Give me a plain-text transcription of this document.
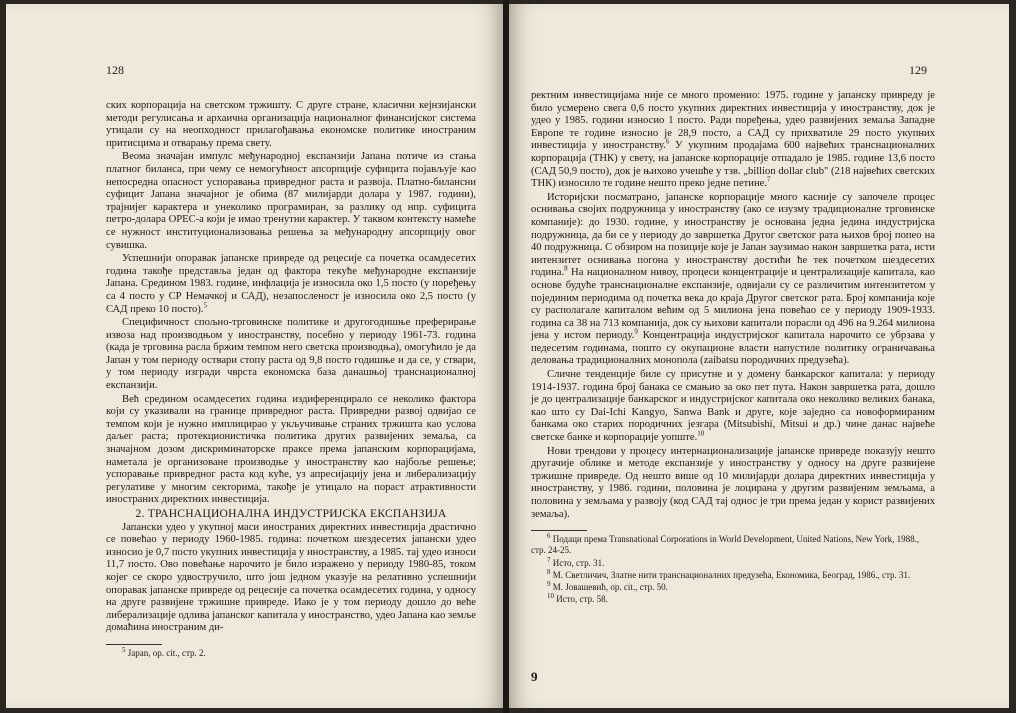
128

ских корпорација на светском тржишту. С друге стране, класични кејнзијански методи регулисања и архаична организација националног финансијског система утицали су на неопходност прилагођавања економске политике иностраним притисцима и отварању према свету.

Веома значајан импулс међународној експанзији Јапана потиче из стања платног биланса, при чему се немогућност апсорпције суфицита појављује као непосредна опасност успоравања привредног раста и развоја. Платно-билансни суфицит Јапана значајног је обима (87 милијарди долара у 1987. години), трајнијег карактера и унеколико програмиран, за разлику од нпр. суфицита петро-долара OPEC-а који је имао тренутни карактер. У таквом контексту намеће се нужност институционализовања решења за међународну апсорпцију овог сувишка.

Успешнији опоравак јапанске привреде од рецесије са почетка осамдесетих година такође представља један од фактора текуће међународне експанзије Јапана. Средином 1983. године, инфлација је износила око 1,5 посто (у поређењу са 4 посто у СР Немачкој и САД), незапосленост је износила око 2,5 посто (у САД преко 10 посто).$^5$

Специфичност спољно-трговинске политике и другогодишње преферирање извоза над производњом у иностранству, посебно у периоду 1961-73. година (када је трговина расла бржим темпом него светска производња), омогућило је да Јапан у том периоду оствари стопу раста од 9,8 посто годишње и да се, у ствари, у том периоду изгради чврста економска база данашњој транснационалној експанзији.

Већ средином осамдесетих година издиференцирало се неколико фактора који су указивали на границе привредног раста. Привредни развој одвијао се темпом који је нужно имплицирао у укључивање страних тржишта као услова даљег раста; протекционистичка политика других развијених земаља, са значајном дозом дискриминаторске праксе према јапанским корпорацијама, наметала је организоване производње у иностранству као најбоље решење; успоравање привредног раста код куће, уз апресијацију јена и либерализацију регулативе у многим секторима, такође је утицало на пораст атрактивности иностраних директних инвестиција.

2. ТРАНСНАЦИОНАЛНА ИНДУСТРИЈСКА ЕКСПАНЗИЈА

Јапански удео у укупној маси иностраних директних инвестиција драстично се повећао у периоду 1960-1985. година: почетком шездесетих јапански удео износио је 0,7 посто укупних инвестиција у иностранству, а 1985. тај удео износи 11,7 посто. Ово повећање нарочито је било изражено у периоду 1980-85, током којег се скоро удвостручило, што још једном указује на релативно успешнији опоравак јапанске привреде од рецесије са почетка осамдесетих година, у односу на друге развијене тржишне привреде. Иако је у том периоду дошло до веће либерализације одлива јапанског капитала у иностранство, удео Јапана као земље домаћина иностраним ди-

$^5$ Japan, op. cit., стр. 2.

129

ректним инвестицијама није се много променио: 1975. године у јапанску привреду је било усмерено свега 0,6 посто укупних директних инвестиција у иностранству, док је удео у 1985. години износио 1 посто. Ради поређења, удео развијених земаља Западне Европе те године износио је 28,9 посто, а САД су прихватиле 29 посто укупних инвестиција у иностранству.$^6$ У укупним продајама 600 највећих транснационалних корпорација (ТНК) у свету, на јапанске корпорације отпадало је 1985. године 13,6 посто (САД 50,9 посто), док је њихово учешће у тзв. „billion dollar club" (218 највећих светских ТНК) износило те године нешто преко једне петине.$^7$

Историјски посматрано, јапанске корпорације много касније су започеле процес оснивања својих подружница у иностранству (ако се изузму традиционалне трговинске компаније): до 1930. године, у иностранству је основана једна једина индустријска подружница, да би се у периоду до завршетка Другог светског рата њихов број попео на 40 подружница. С обзиром на позиције које је Јапан заузимао након завршетка рата, исти интензитет оснивања погона у иностранству достићи ће тек почетком шездесетих година.$^8$ На националном нивоу, процеси концентрације и централизације капитала, као основе будуће транснационалне експанзије, одвијали су се различитим интензитетом у појединим периодима од почетка века до краја Другог светског рата. Број компанија које су располагале капиталом већим од 5 милиона јена повећао се у периоду 1909-1933. година са 38 на 713 компанија, док су њихови капитали порасли од 496 на 9.264 милиона јена у истом периоду.$^9$ Концентрација индустријског капитала нарочито се убрзава у педесетим годинама, пошто су окупационе власти напустиле политику ограничавања деловања традиционалних монопола (zaibatsu породичних предузећа).

Сличне тенденције биле су присутне и у домену банкарског капитала: у периоду 1914-1937. година број банака се смањио за око пет пута. Након завршетка рата, дошло је до централизације банкарског и индустријског капитала око неколико великих банака, као што су Dai-Ichi Kangyo, Sanwa Bank и друге, које заједно са новоформираним банкама око старих породичних језгара (Mitsubishi, Mitsui и др.) чине данас највеће светске банке и корпорације уопште.$^{10}$

Нови трендови у процесу интернационализације јапанске привреде показују нешто другачије облике и методе експанзије у иностранству у односу на друге развијене тржишне привреде. Од нешто више од 10 милијарди долара директних инвестиција у иностранству, у 1986. години, половина је лоцирана у другим развијеним земљама, а половина у земљама у развоју (код САД тај однос је три према један у корист развијених земаља).

$^6$ Подаци према Transnational Corporations in World Development, United Nations, New York, 1988., стр. 24-25.

$^7$ Исто, стр. 31.

$^8$ М. Светличич, Златне нити транснационалних предузећа, Економика, Београд, 1986., стр. 31.

$^9$ М. Јовашевић, op. cit., стр. 50.

$^{10}$ Исто, стр. 58.

9
